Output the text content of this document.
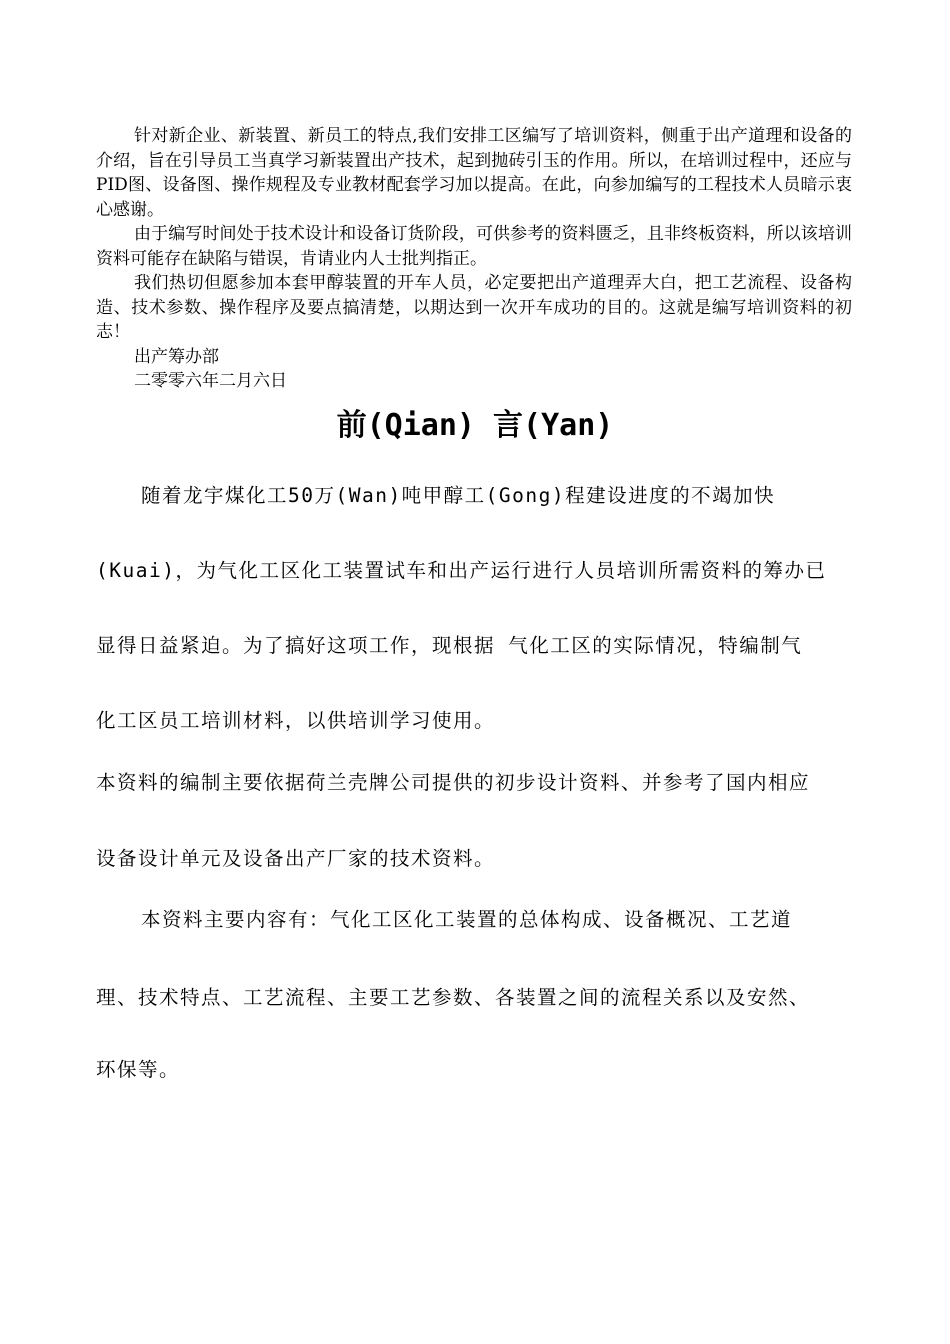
针对新企业、新装置、新员工的特点,我们安排工区编写了培训资料，侧重于出产道理和设备的介绍，旨在引导员工当真学习新装置出产技术，起到抛砖引玉的作用。所以，在培训过程中，还应与PID图、设备图、操作规程及专业教材配套学习加以提高。在此，向参加编写的工程技术人员暗示衷心感谢。

由于编写时间处于技术设计和设备订货阶段，可供参考的资料匮乏，且非终板资料，所以该培训资料可能存在缺陷与错误，肯请业内人士批判指正。

我们热切但愿参加本套甲醇装置的开车人员，必定要把出产道理弄大白，把工艺流程、设备构造、技术参数、操作程序及要点搞清楚，以期达到一次开车成功的目的。这就是编写培训资料的初志！

出产筹办部

二零零六年二月六日

前(Qian) 言(Yan)
随着龙宇煤化工50万(Wan)吨甲醇工(Gong)程建设进度的不竭加快
(Kuai)，为气化工区化工装置试车和出产运行进行人员培训所需资料的筹办已
显得日益紧迫。为了搞好这项工作，现根据 气化工区的实际情况，特编制气
化工区员工培训材料，以供培训学习使用。
本资料的编制主要依据荷兰壳牌公司提供的初步设计资料、并参考了国内相应
设备设计单元及设备出产厂家的技术资料。
本资料主要内容有：气化工区化工装置的总体构成、设备概况、工艺道
理、技术特点、工艺流程、主要工艺参数、各装置之间的流程关系以及安然、
环保等。
